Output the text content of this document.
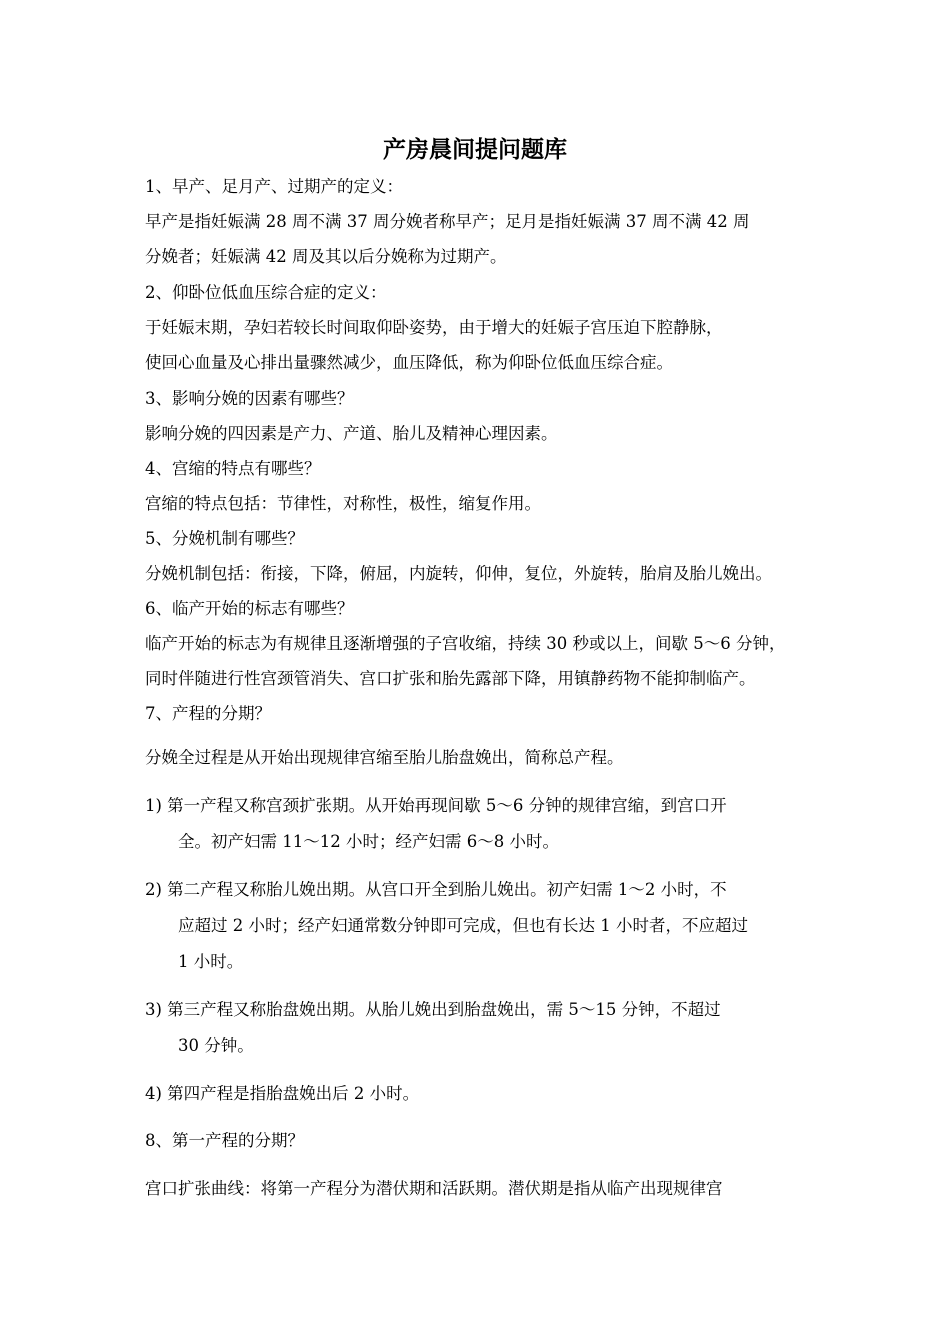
产房晨间提问题库
1、早产、足月产、过期产的定义：
早产是指妊娠满 28 周不满 37 周分娩者称早产；足月是指妊娠满 37 周不满 42 周
分娩者；妊娠满 42 周及其以后分娩称为过期产。
2、仰卧位低血压综合症的定义：
于妊娠末期，孕妇若较长时间取仰卧姿势，由于增大的妊娠子宫压迫下腔静脉，
使回心血量及心排出量骤然减少，血压降低，称为仰卧位低血压综合症。
3、影响分娩的因素有哪些？
影响分娩的四因素是产力、产道、胎儿及精神心理因素。
4、宫缩的特点有哪些？
宫缩的特点包括：节律性，对称性，极性，缩复作用。
5、分娩机制有哪些？
分娩机制包括：衔接，下降，俯屈，内旋转，仰伸，复位，外旋转，胎肩及胎儿娩出。
6、临产开始的标志有哪些？
临产开始的标志为有规律且逐渐增强的子宫收缩，持续 30 秒或以上，间歇 5～6 分钟，
同时伴随进行性宫颈管消失、宫口扩张和胎先露部下降，用镇静药物不能抑制临产。
7、产程的分期？
分娩全过程是从开始出现规律宫缩至胎儿胎盘娩出，简称总产程。
1) 第一产程又称宫颈扩张期。从开始再现间歇 5～6 分钟的规律宫缩，到宫口开
全。初产妇需 11～12 小时；经产妇需 6～8 小时。
2) 第二产程又称胎儿娩出期。从宫口开全到胎儿娩出。初产妇需 1～2 小时，不
应超过 2 小时；经产妇通常数分钟即可完成，但也有长达 1 小时者，不应超过
1 小时。
3) 第三产程又称胎盘娩出期。从胎儿娩出到胎盘娩出，需 5～15 分钟，不超过
30 分钟。
4) 第四产程是指胎盘娩出后 2 小时。
8、第一产程的分期？
宫口扩张曲线：将第一产程分为潜伏期和活跃期。潜伏期是指从临产出现规律宫
